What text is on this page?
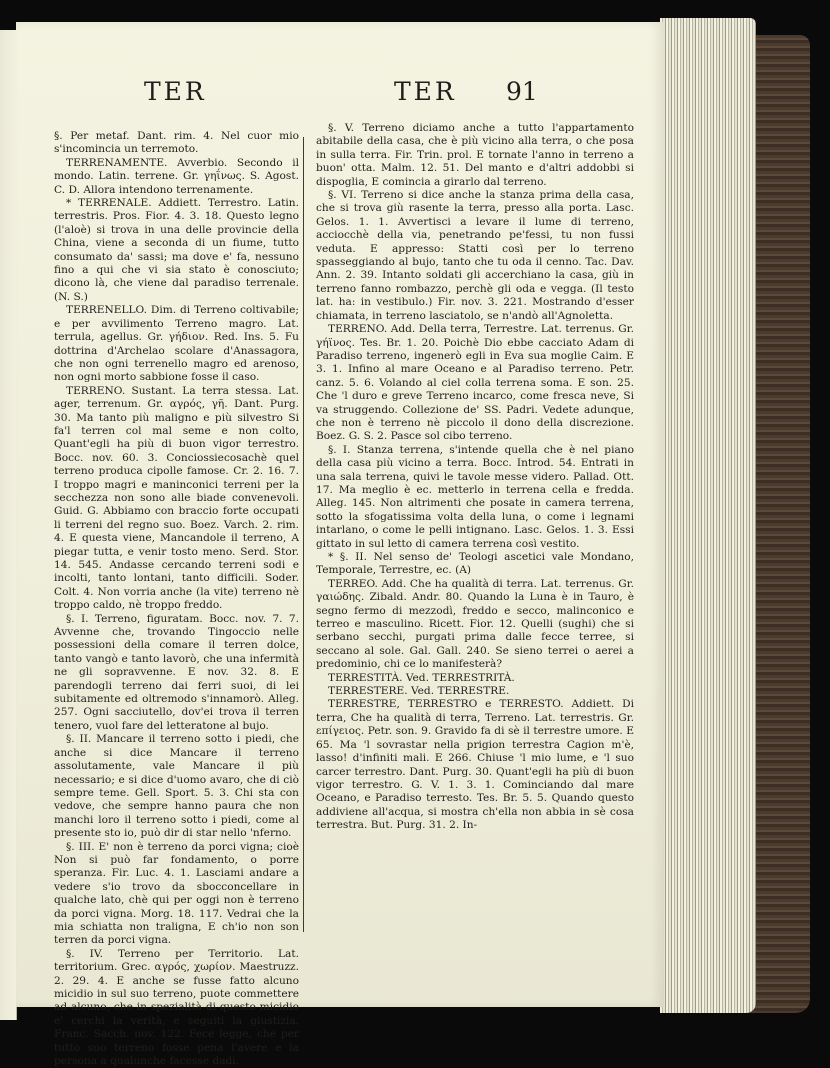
TER	TER 91

§. Per metaf. Dant. rim. 4. Nel cuor mio s'incomincia un terremoto.

TERRENAMENTE. Avverbio. Secondo il mondo. Latin. terrene. Gr. γηΐνως. S. Agost. C. D. Allora intendono terrenamente.

* TERRENALE. Addiett. Terrestro. Latin. terrestris. Pros. Fior. 4. 3. 18. Questo legno (l'aloè) si trova in una delle provincie della China, viene a seconda di un fiume, tutto consumato da' sassi; ma dove e' fa, nessuno fino a qui che vi sia stato è conosciuto; dicono là, che viene dal paradiso terrenale. (N. S.)

TERRENELLO. Dim. di Terreno coltivabile; e per avvilimento Terreno magro. Lat. terrula, agellus. Gr. γήδιον. Red. Ins. 5. Fu dottrina d'Archelao scolare d'Anassagora, che non ogni terrenello magro ed arenoso, non ogni morto sabbione fosse il caso.

TERRENO. Sustant. La terra stessa. Lat. ager, terrenum. Gr. αγρός, γῆ. Dant. Purg. 30. Ma tanto più maligno e più silvestro Si fa'l terren col mal seme e non colto, Quant'egli ha più di buon vigor terrestro. Bocc. nov. 60. 3. Conciossiecosachè quel terreno produca cipolle famose. Cr. 2. 16. 7. I troppo magri e maninconici terreni per la secchezza non sono alle biade convenevoli. Guid. G. Abbiamo con braccio forte occupati li terreni del regno suo. Boez. Varch. 2. rim. 4. E questa viene, Mancandole il terreno, A piegar tutta, e venir tosto meno. Serd. Stor. 14. 545. Andasse cercando terreni sodi e incolti, tanto lontani, tanto difficili. Soder. Colt. 4. Non vorria anche (la vite) terreno nè troppo caldo, nè troppo freddo.

§. I. Terreno, figuratam. Bocc. nov. 7. 7. Avvenne che, trovando Tingoccio nelle possessioni della comare il terren dolce, tanto vangò e tanto lavorò, che una infermità ne gli sopravvenne. E nov. 32. 8. E parendogli terreno dai ferri suoi, di lei subitamente ed oltremodo s'innamorò. Alleg. 257. Ogni sacciutello, dov'ei trova il terren tenero, vuol fare del letteratone al bujo.

§. II. Mancare il terreno sotto i piedi, che anche si dice Mancare il terreno assolutamente, vale Mancare il più necessario; e si dice d'uomo avaro, che di ciò sempre teme. Gell. Sport. 5. 3. Chi sta con vedove, che sempre hanno paura che non manchi loro il terreno sotto i piedi, come al presente sto io, può dir di star nello 'nferno.

§. III. E' non è terreno da porci vigna; cioè Non si può far fondamento, o porre speranza. Fir. Luc. 4. 1. Lasciami andare a vedere s'io trovo da sbocconcellare in qualche lato, chè qui per oggi non è terreno da porci vigna. Morg. 18. 117. Vedrai che la mia schiatta non traligna, E ch'io non son terren da porci vigna.

§. IV. Terreno per Territorio. Lat. territorium. Grec. αγρός, χωρίον. Maestruzz. 2. 29. 4. E anche se fusse fatto alcuno micidio in sul suo terreno, puote commettere ad alcuno, che in spezialità di questo micidio e' cerchi la verità, e seguiti la giustizia. Franc. Sacch. nov. 122. Fece legge, che per tutto suo terreno fosse pena l'avere e la persona a qualunche facesse dadi.

§. V. Terreno diciamo anche a tutto l'appartamento abitabile della casa, che è più vicino alla terra, o che posa in sulla terra. Fir. Trin. prol. E tornate l'anno in terreno a buon' otta. Malm. 12. 51. Del manto e d'altri addobbi si dispoglia, E comincia a girarlo dal terreno.

§. VI. Terreno si dice anche la stanza prima della casa, che si trova giù rasente la terra, presso alla porta. Lasc. Gelos. 1. 1. Avvertisci a levare il lume di terreno, acciocchè della via, penetrando pe'fessi, tu non fussi veduta. E appresso: Statti così per lo terreno spasseggiando al bujo, tanto che tu oda il cenno. Tac. Dav. Ann. 2. 39. Intanto soldati gli accerchiano la casa, giù in terreno fanno rombazzo, perchè gli oda e vegga. (Il testo lat. ha: in vestibulo.) Fir. nov. 3. 221. Mostrando d'esser chiamata, in terreno lasciatolo, se n'andò all'Agnoletta.

TERRENO. Add. Della terra, Terrestre. Lat. terrenus. Gr. γήϊνος. Tes. Br. 1. 20. Poichè Dio ebbe cacciato Adam di Paradiso terreno, ingenerò egli in Eva sua moglie Caim. E 3. 1. Infino al mare Oceano e al Paradiso terreno. Petr. canz. 5. 6. Volando al ciel colla terrena soma. E son. 25. Che 'l duro e greve Terreno incarco, come fresca neve, Si va struggendo. Collezione de' SS. Padri. Vedete adunque, che non è terreno nè piccolo il dono della discrezione. Boez. G. S. 2. Pasce sol cibo terreno.

§. I. Stanza terrena, s'intende quella che è nel piano della casa più vicino a terra. Bocc. Introd. 54. Entrati in una sala terrena, quivi le tavole messe videro. Pallad. Ott. 17. Ma meglio è ec. metterlo in terrena cella e fredda. Alleg. 145. Non altrimenti che posate in camera terrena, sotto la sfogatissima volta della luna, o come i legnami intarlano, o come le pelli intignano. Lasc. Gelos. 1. 3. Essi gittato in sul letto di camera terrena così vestito.

* §. II. Nel senso de' Teologi ascetici vale Mondano, Temporale, Terrestre, ec. (A)

TERREO. Add. Che ha qualità di terra. Lat. terrenus. Gr. γαιώδης. Zibald. Andr. 80. Quando la Luna è in Tauro, è segno fermo di mezzodì, freddo e secco, malinconico e terreo e masculino. Ricett. Fior. 12. Quelli (sughi) che si serbano secchi, purgati prima dalle fecce terree, si seccano al sole. Gal. Gall. 240. Se sieno terrei o aerei a predominio, chi ce lo manifesterà?

TERRESTITÀ. Ved. TERRESTRITÀ.

TERRESTERE. Ved. TERRESTRE.

TERRESTRE, TERRESTRO e TERRESTO. Addiett. Di terra, Che ha qualità di terra, Terreno. Lat. terrestris. Gr. επίγειος. Petr. son. 9. Gravido fa di sè il terrestre umore. E 65. Ma 'l sovrastar nella prigion terrestra Cagion m'è, lasso! d'infiniti mali. E 266. Chiuse 'l mio lume, e 'l suo carcer terrestro. Dant. Purg. 30. Quant'egli ha più di buon vigor terrestro. G. V. 1. 3. 1. Cominciando dal mare Oceano, e Paradiso terresto. Tes. Br. 5. 5. Quando questo addiviene all'acqua, si mostra ch'ella non abbia in sè cosa terrestra. But. Purg. 31. 2. In-
